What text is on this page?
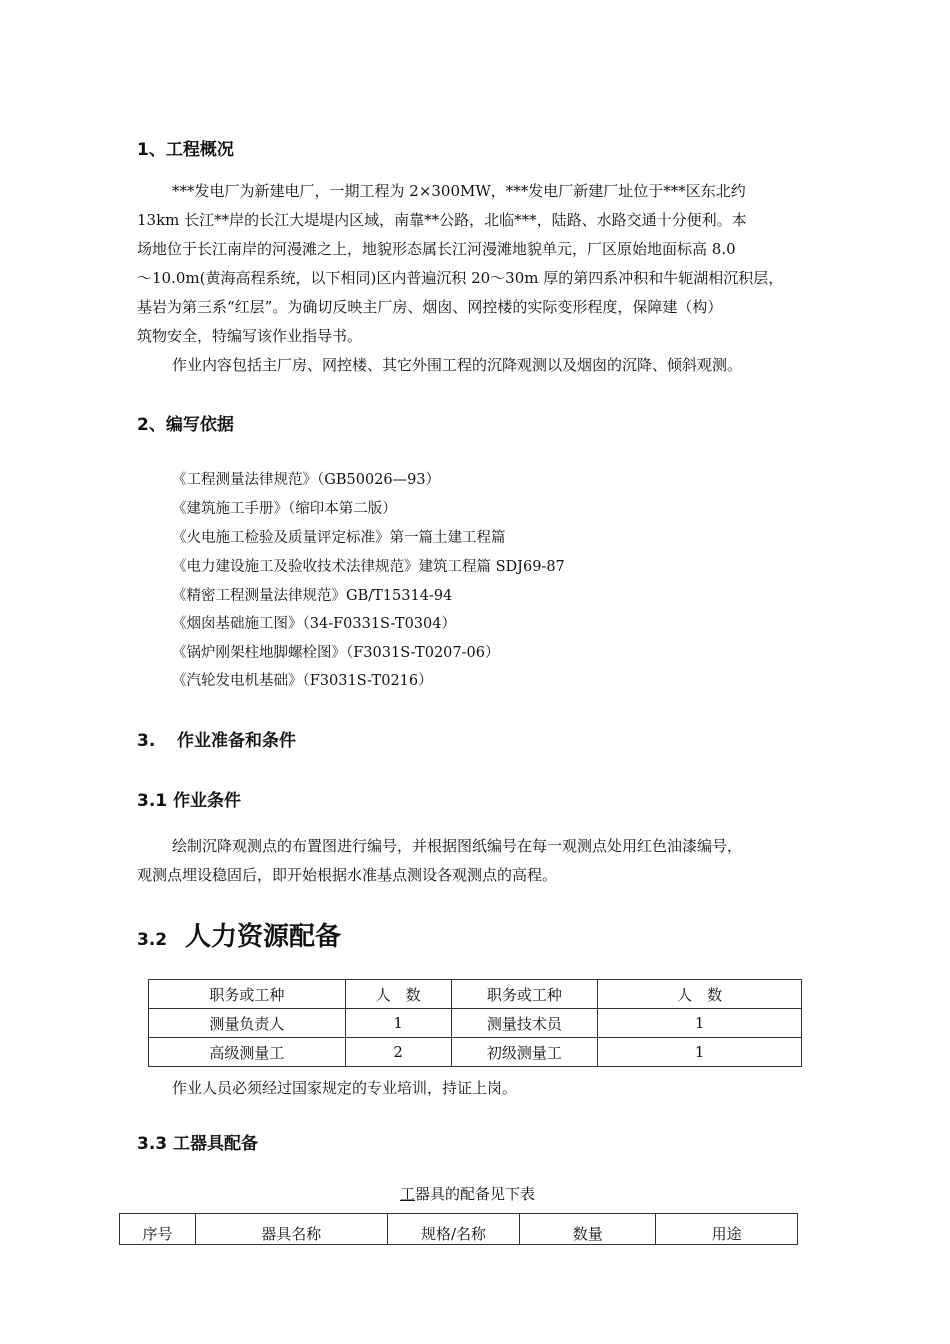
1、工程概况
***发电厂为新建电厂，一期工程为 2×300MW，***发电厂新建厂址位于***区东北约
13km 长江**岸的长江大堤堤内区域，南靠**公路，北临***，陆路、水路交通十分便利。本
场地位于长江南岸的河漫滩之上，地貌形态属长江河漫滩地貌单元，厂区原始地面标高 8.0
～10.0m(黄海高程系统，以下相同)区内普遍沉积 20～30m 厚的第四系冲积和牛轭湖相沉积层，
基岩为第三系“红层”。为确切反映主厂房、烟囱、网控楼的实际变形程度，保障建（构）
筑物安全，特编写该作业指导书。
作业内容包括主厂房、网控楼、其它外围工程的沉降观测以及烟囱的沉降、倾斜观测。
2、编写依据
《工程测量法律规范》（GB50026—93）
《建筑施工手册》（缩印本第二版）
《火电施工检验及质量评定标准》第一篇土建工程篇
《电力建设施工及验收技术法律规范》建筑工程篇 SDJ69-87
《精密工程测量法律规范》GB/T15314-94
《烟囱基础施工图》（34-F0331S-T0304）
《锅炉刚架柱地脚螺栓图》（F3031S-T0207-06）
《汽轮发电机基础》（F3031S-T0216）
3. 作业准备和条件
3.1 作业条件
绘制沉降观测点的布置图进行编号，并根据图纸编号在每一观测点处用红色油漆编号，
观测点埋设稳固后，即开始根据水准基点测设各观测点的高程。
3.2 人力资源配备
职务或工种	人　数	职务或工种	人　数
测量负责人	1	测量技术员	1
高级测量工	2	初级测量工	1
作业人员必须经过国家规定的专业培训，持证上岗。
3.3 工器具配备
工器具的配备见下表
序号	器具名称	规格/名称	数量	用途
